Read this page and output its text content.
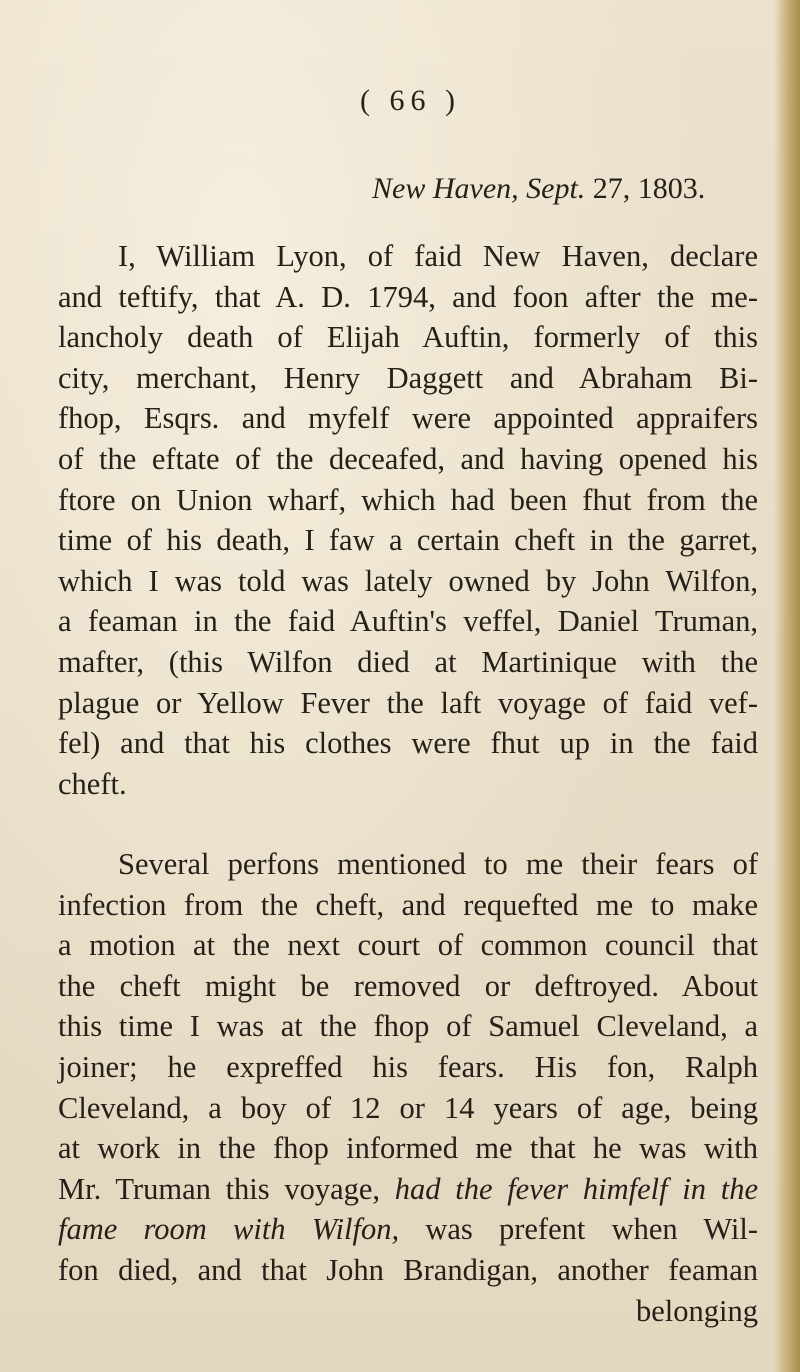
( 66 )
New Haven, Sept. 27, 1803.
I, William Lyon, of faid New Haven, declare
and teftify, that A. D. 1794, and foon after the me-
lancholy death of Elijah Auftin, formerly of this
city, merchant, Henry Daggett and Abraham Bi-
fhop, Esqrs. and myfelf were appointed appraifers
of the eftate of the deceafed, and having opened his
ftore on Union wharf, which had been fhut from the
time of his death, I faw a certain cheft in the garret,
which I was told was lately owned by John Wilfon,
a feaman in the faid Auftin's veffel, Daniel Truman,
mafter, (this Wilfon died at Martinique with the
plague or Yellow Fever the laft voyage of faid vef-
fel) and that his clothes were fhut up in the faid
cheft.
Several perfons mentioned to me their fears of
infection from the cheft, and requefted me to make
a motion at the next court of common council that
the cheft might be removed or deftroyed. About
this time I was at the fhop of Samuel Cleveland, a
joiner; he expreffed his fears. His fon, Ralph
Cleveland, a boy of 12 or 14 years of age, being
at work in the fhop informed me that he was with
Mr. Truman this voyage, had the fever himfelf in the
fame room with Wilfon, was prefent when Wil-
fon died, and that John Brandigan, another feaman
belonging
